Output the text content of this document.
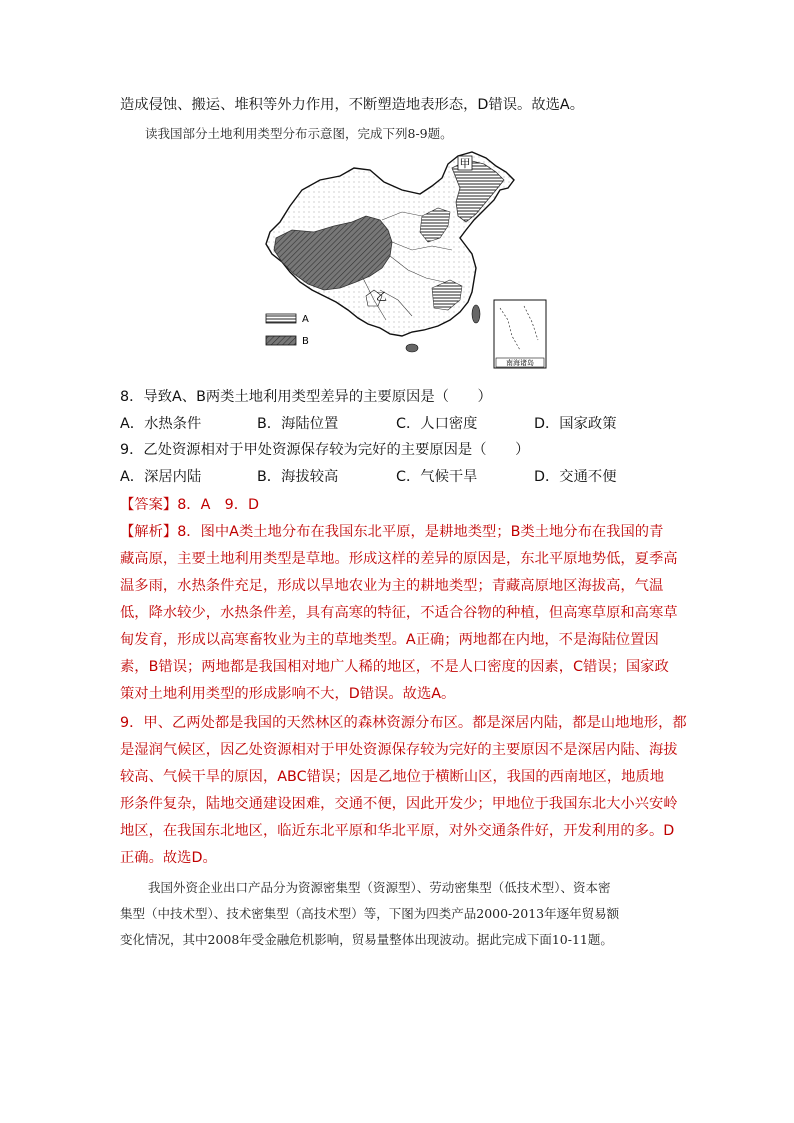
造成侵蚀、搬运、堆积等外力作用，不断塑造地表形态，D错误。故选A。
读我国部分土地利用类型分布示意图，完成下列8-9题。
甲
乙
南海诸岛
A
B
8．导致A、B两类土地利用类型差异的主要原因是（　　）
A．水热条件	B．海陆位置	C．人口密度	D．国家政策
9．乙处资源相对于甲处资源保存较为完好的主要原因是（　　）
A．深居内陆	B．海拔较高	C．气候干旱	D．交通不便
【答案】8．A　9．D
【解析】8．图中A类土地分布在我国东北平原，是耕地类型；B类土地分布在我国的青
藏高原，主要土地利用类型是草地。形成这样的差异的原因是，东北平原地势低，夏季高
温多雨，水热条件充足，形成以旱地农业为主的耕地类型；青藏高原地区海拔高，气温
低，降水较少，水热条件差，具有高寒的特征，不适合谷物的种植，但高寒草原和高寒草
甸发育，形成以高寒畜牧业为主的草地类型。A正确；两地都在内地，不是海陆位置因
素，B错误；两地都是我国相对地广人稀的地区，不是人口密度的因素，C错误；国家政
策对土地利用类型的形成影响不大，D错误。故选A。
9．甲、乙两处都是我国的天然林区的森林资源分布区。都是深居内陆，都是山地地形，都
是湿润气候区，因乙处资源相对于甲处资源保存较为完好的主要原因不是深居内陆、海拔
较高、气候干旱的原因，ABC错误；因是乙地位于横断山区，我国的西南地区，地质地
形条件复杂，陆地交通建设困难，交通不便，因此开发少；甲地位于我国东北大小兴安岭
地区，在我国东北地区，临近东北平原和华北平原，对外交通条件好，开发利用的多。D
正确。故选D。
我国外资企业出口产品分为资源密集型（资源型）、劳动密集型（低技术型）、资本密
集型（中技术型）、技术密集型（高技术型）等，下图为四类产品2000-2013年逐年贸易额
变化情况，其中2008年受金融危机影响，贸易量整体出现波动。据此完成下面10-11题。
